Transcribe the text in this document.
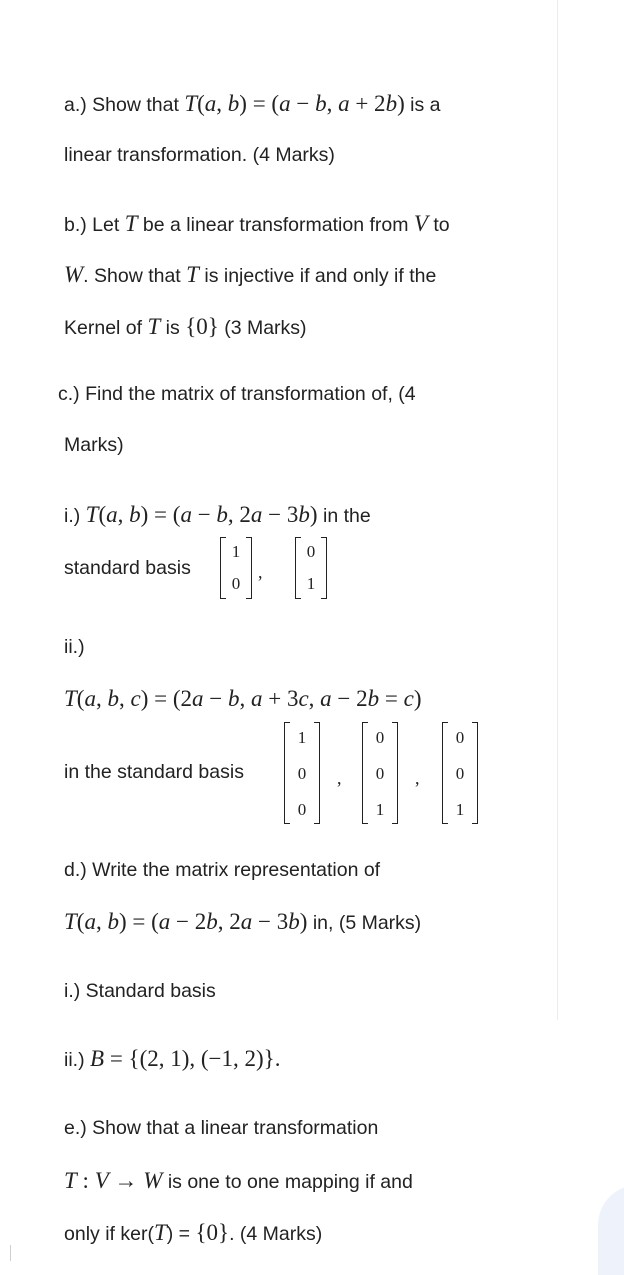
a.) Show that T(a, b) = (a − b, a + 2b) is a
linear transformation. (4 Marks)
b.) Let T be a linear transformation from V to
W. Show that T is injective if and only if the
Kernel of T is {0} (3 Marks)
c.) Find the matrix of transformation of, (4
Marks)
i.) T(a, b) = (a − b, 2a − 3b) in the
standard basis
1
0
,
0
1
ii.)
T(a, b, c) = (2a − b, a + 3c, a − 2b = c)
in the standard basis
1
0
0
,
0
0
1
,
0
0
1
d.) Write the matrix representation of
T(a, b) = (a − 2b, 2a − 3b) in, (5 Marks)
i.) Standard basis
ii.) B = {(2, 1), (−1, 2)}.
e.) Show that a linear transformation
T : V → W is one to one mapping if and
only if ker(T) = {0}. (4 Marks)
